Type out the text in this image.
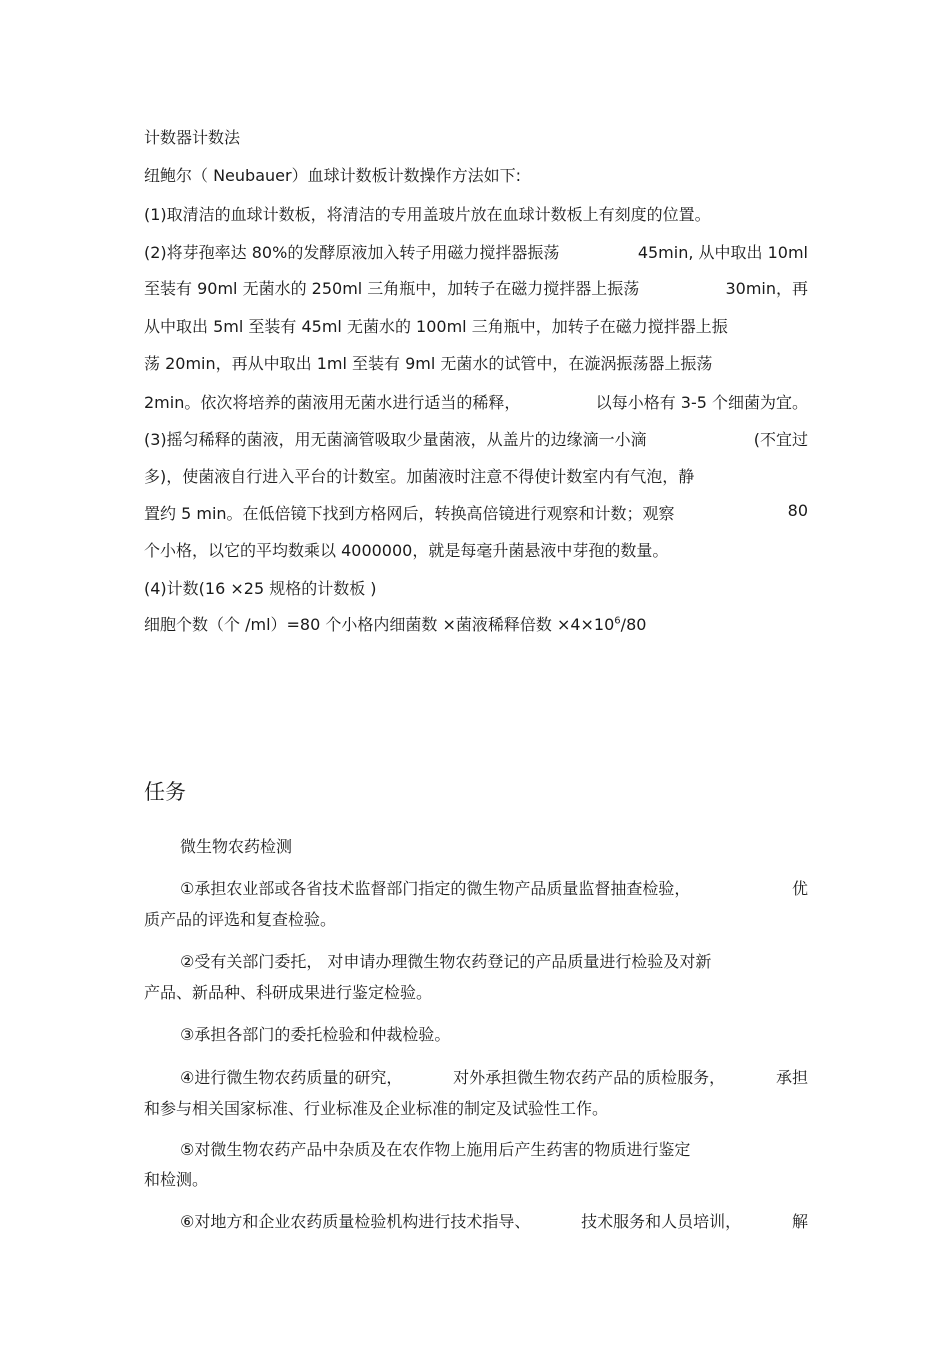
计数器计数法
纽鲍尔（ Neubauer）血球计数板计数操作方法如下:
(1)取清洁的血球计数板，将清洁的专用盖玻片放在血球计数板上有刻度的位置。
(2)将芽孢率达 80%的发酵原液加入转子用磁力搅拌器振荡	45min, 从中取出 10ml
至装有 90ml 无菌水的 250ml 三角瓶中，加转子在磁力搅拌器上振荡	30min，再
从中取出 5ml 至装有 45ml 无菌水的 100ml 三角瓶中，加转子在磁力搅拌器上振
荡 20min，再从中取出 1ml 至装有 9ml 无菌水的试管中，在漩涡振荡器上振荡
2min。依次将培养的菌液用无菌水进行适当的稀释，	以每小格有 3-5 个细菌为宜。
(3)摇匀稀释的菌液，用无菌滴管吸取少量菌液，从盖片的边缘滴一小滴	(不宜过
多)，使菌液自行进入平台的计数室。加菌液时注意不得使计数室内有气泡，静
置约 5 min。在低倍镜下找到方格网后，转换高倍镜进行观察和计数；观察	80
个小格，以它的平均数乘以 4000000，就是每毫升菌悬液中芽孢的数量。
(4)计数(16 ×25 规格的计数板 )
细胞个数（个 /ml）=80 个小格内细菌数 ×菌液稀释倍数 $\times 4\times 10^6/80$
任务
微生物农药检测
①承担农业部或各省技术监督部门指定的微生物产品质量监督抽查检验，	优
质产品的评选和复查检验。
②受有关部门委托， 对申请办理微生物农药登记的产品质量进行检验及对新
产品、新品种、科研成果进行鉴定检验。
③承担各部门的委托检验和仲裁检验。
④进行微生物农药质量的研究，	对外承担微生物农药产品的质检服务，	承担
和参与相关国家标准、行业标准及企业标准的制定及试验性工作。
⑤对微生物农药产品中杂质及在农作物上施用后产生药害的物质进行鉴定
和检测。
⑥对地方和企业农药质量检验机构进行技术指导、	技术服务和人员培训，	解
